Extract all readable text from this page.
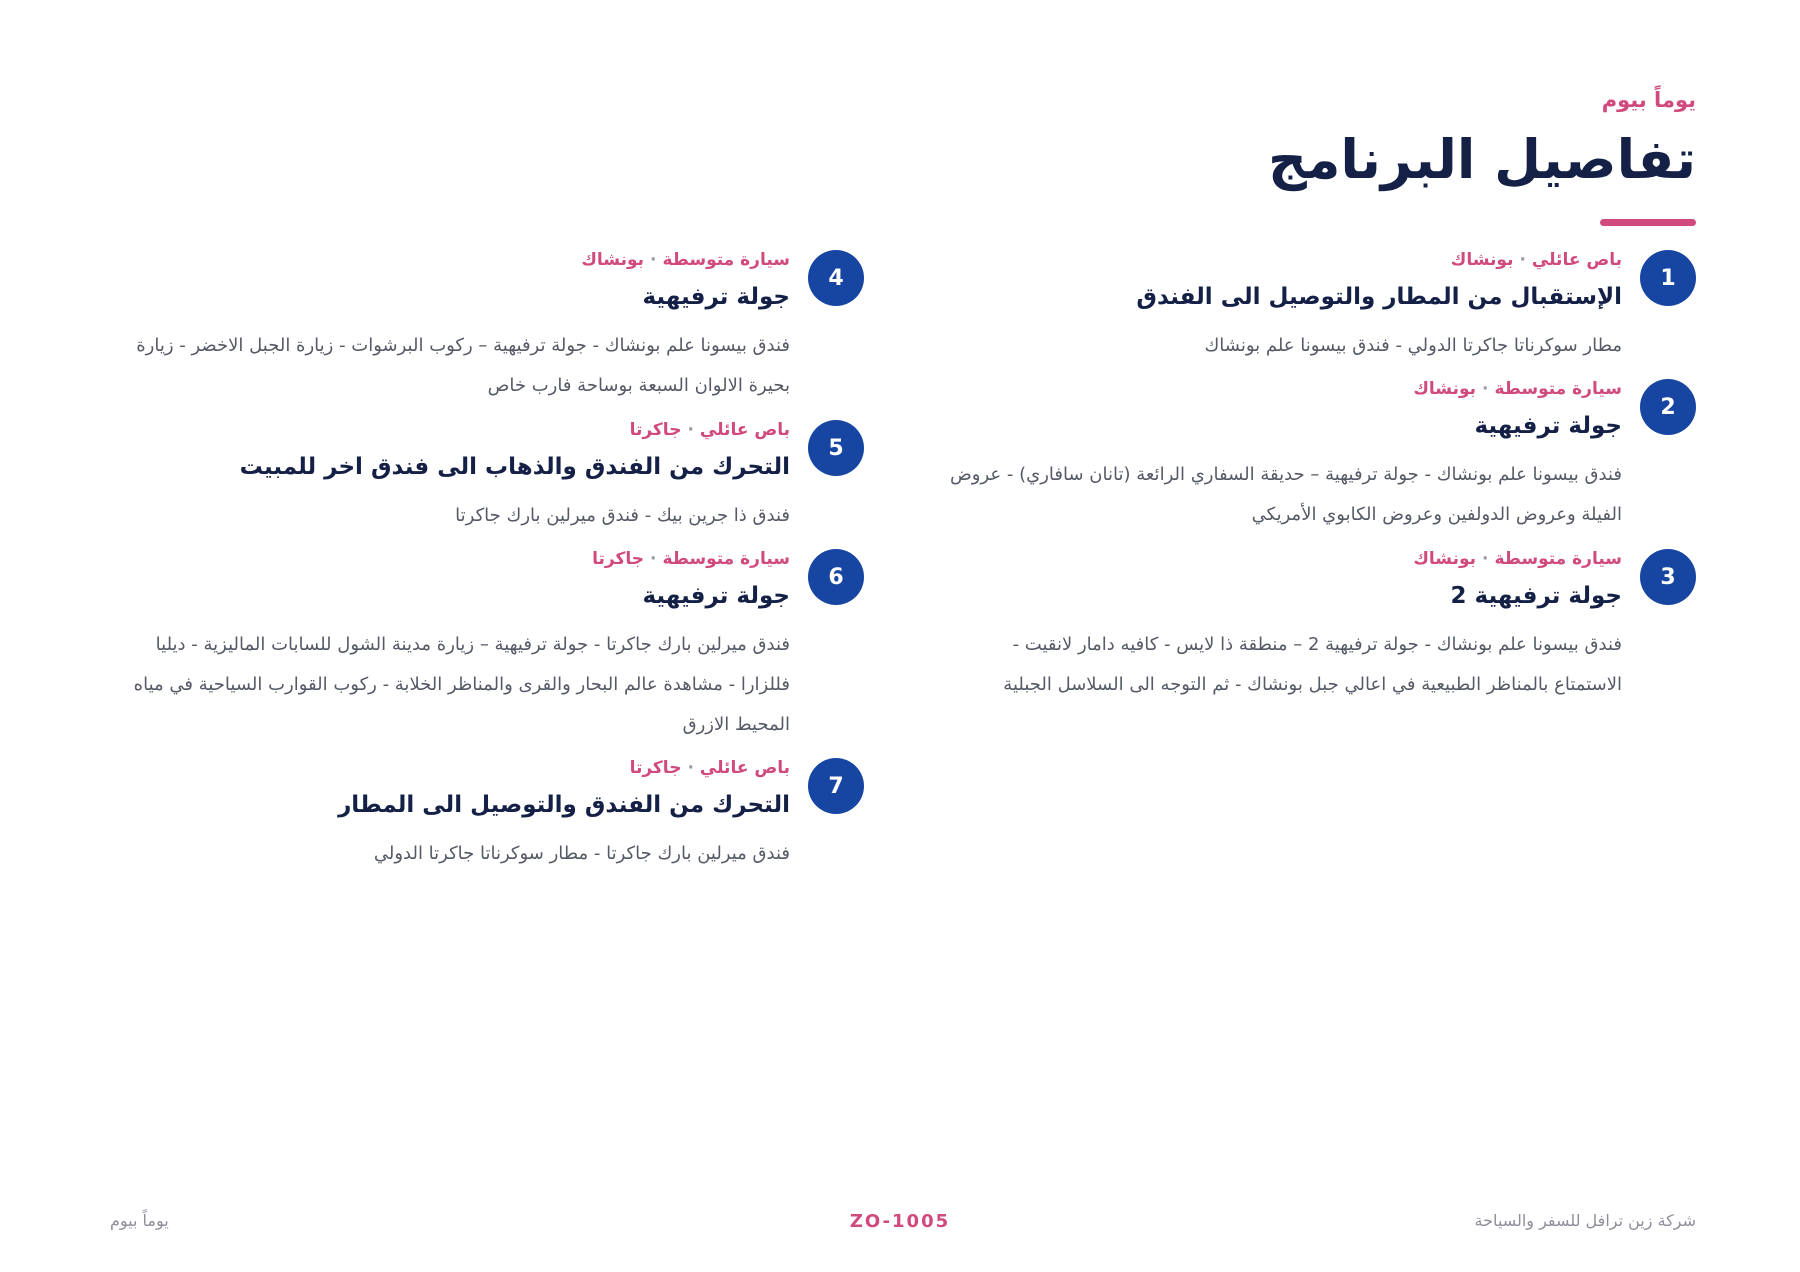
يوماً بيوم
تفاصيل البرنامج
1
باص عائلي·بونشاك
الإستقبال من المطار والتوصيل الى الفندق
مطار سوكرناتا جاكرتا الدولي - فندق بيسونا علم بونشاك
2
سيارة متوسطة·بونشاك
جولة ترفيهية
فندق بيسونا علم بونشاك - جولة ترفيهية – حديقة السفاري الرائعة (تانان سافاري) - عروض الفيلة وعروض الدولفين وعروض الكابوي الأمريكي
3
سيارة متوسطة·بونشاك
جولة ترفيهية 2
فندق بيسونا علم بونشاك - جولة ترفيهية 2 – منطقة ذا لايس - كافيه دامار لانقيت - الاستمتاع بالمناظر الطبيعية في اعالي جبل بونشاك - ثم التوجه الى السلاسل الجبلية
4
سيارة متوسطة·بونشاك
جولة ترفيهية
فندق بيسونا علم بونشاك - جولة ترفيهية – ركوب البرشوات - زيارة الجبل الاخضر - زيارة بحيرة الالوان السبعة بوساحة فارب خاص
5
باص عائلي·جاكرتا
التحرك من الفندق والذهاب الى فندق اخر للمبيت
فندق ذا جرين بيك - فندق ميرلين بارك جاكرتا
6
سيارة متوسطة·جاكرتا
جولة ترفيهية
فندق ميرلين بارك جاكرتا - جولة ترفيهية – زيارة مدينة الشول للسابات الماليزية - ديليا فللزارا - مشاهدة عالم البحار والقرى والمناظر الخلابة - ركوب القوارب السياحية في مياه المحيط الازرق
7
باص عائلي·جاكرتا
التحرك من الفندق والتوصيل الى المطار
فندق ميرلين بارك جاكرتا - مطار سوكرناتا جاكرتا الدولي
شركة زين ترافل للسفر والسياحة
ZO-1005
يوماً بيوم
